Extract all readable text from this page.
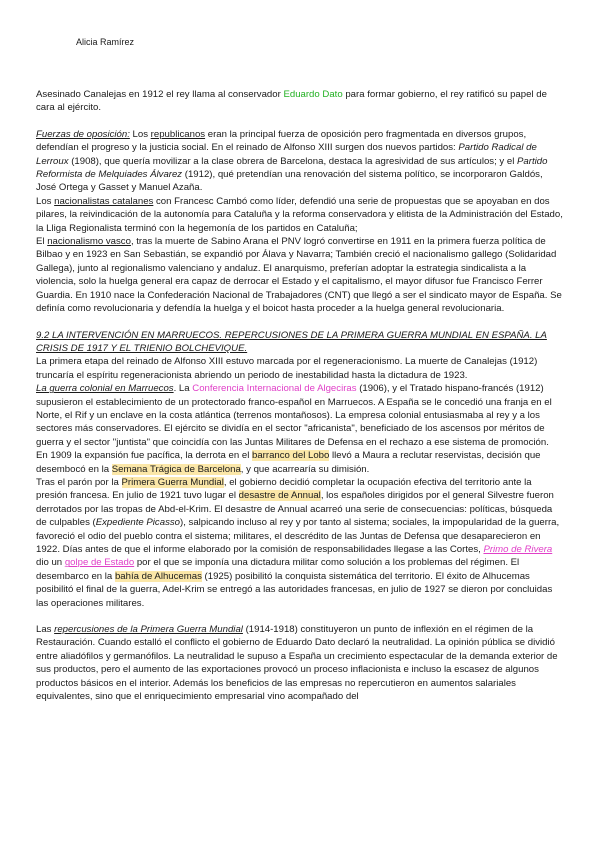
Alicia Ramírez

Asesinado Canalejas en 1912 el rey llama al conservador Eduardo Dato para formar gobierno, el rey ratificó su papel de cara al ejército.

Fuerzas de oposición: Los republicanos eran la principal fuerza de oposición pero fragmentada en diversos grupos, defendían el progreso y la justicia social. En el reinado de Alfonso XIII surgen dos nuevos partidos: Partido Radical de Lerroux (1908), que quería movilizar a la clase obrera de Barcelona, destaca la agresividad de sus artículos; y el Partido Reformista de Melquiades Álvarez (1912), qué pretendían una renovación del sistema político, se incorporaron Galdós, José Ortega y Gasset y Manuel Azaña.

Los nacionalistas catalanes con Francesc Cambó como líder, defendió una serie de propuestas que se apoyaban en dos pilares, la reivindicación de la autonomía para Cataluña y la reforma conservadora y elitista de la Administración del Estado, la Lliga Regionalista terminó con la hegemonía de los partidos en Cataluña;

El nacionalismo vasco, tras la muerte de Sabino Arana el PNV logró convertirse en 1911 en la primera fuerza política de Bilbao y en 1923 en San Sebastián, se expandió por Álava y Navarra; También creció el nacionalismo gallego (Solidaridad Gallega), junto al regionalismo valenciano y andaluz. El anarquismo, preferían adoptar la estrategia sindicalista a la violencia, solo la huelga general era capaz de derrocar el Estado y el capitalismo, el mayor difusor fue Francisco Ferrer Guardia. En 1910 nace la Confederación Nacional de Trabajadores (CNT) que llegó a ser el sindicato mayor de España. Se definía como revolucionaria y defendía la huelga y el boicot hasta proceder a la huelga general revolucionaria.

9.2 LA INTERVENCIÓN EN MARRUECOS. REPERCUSIONES DE LA PRIMERA GUERRA MUNDIAL EN ESPAÑA. LA CRISIS DE 1917 Y EL TRIENIO BOLCHEVIQUE.

La primera etapa del reinado de Alfonso XIII estuvo marcada por el regeneracionismo. La muerte de Canalejas (1912) truncaría el espíritu regeneracionista abriendo un periodo de inestabilidad hasta la dictadura de 1923.

La guerra colonial en Marruecos. La Conferencia Internacional de Algeciras (1906), y el Tratado hispano-francés (1912) supusieron el establecimiento de un protectorado franco-español en Marruecos. A España se le concedió una franja en el Norte, el Rif y un enclave en la costa atlántica (terrenos montañosos). La empresa colonial entusiasmaba al rey y a los sectores más conservadores. El ejército se dividía en el sector "africanista", beneficiado de los ascensos por méritos de guerra y el sector "juntista" que coincidía con las Juntas Militares de Defensa en el rechazo a ese sistema de promoción.

En 1909 la expansión fue pacífica, la derrota en el barranco del Lobo llevó a Maura a reclutar reservistas, decisión que desembocó en la Semana Trágica de Barcelona, y que acarrearía su dimisión.

Tras el parón por la Primera Guerra Mundial, el gobierno decidió completar la ocupación efectiva del territorio ante la presión francesa. En julio de 1921 tuvo lugar el desastre de Annual, los españoles dirigidos por el general Silvestre fueron derrotados por las tropas de Abd-el-Krim. El desastre de Annual acarreó una serie de consecuencias: políticas, búsqueda de culpables (Expediente Picasso), salpicando incluso al rey y por tanto al sistema; sociales, la impopularidad de la guerra, favoreció el odio del pueblo contra el sistema; militares, el descrédito de las Juntas de Defensa que desaparecieron en 1922. Días antes de que el informe elaborado por la comisión de responsabilidades llegase a las Cortes, Primo de Rivera dio un golpe de Estado por el que se imponía una dictadura militar como solución a los problemas del régimen. El desembarco en la bahía de Alhucemas (1925) posibilitó la conquista sistemática del territorio. El éxito de Alhucemas posibilitó el final de la guerra, Adel-Krim se entregó a las autoridades francesas, en julio de 1927 se dieron por concluidas las operaciones militares.

Las repercusiones de la Primera Guerra Mundial (1914-1918) constituyeron un punto de inflexión en el régimen de la Restauración. Cuando estalló el conflicto el gobierno de Eduardo Dato declaró la neutralidad. La opinión pública se dividió entre aliadófilos y germanófilos. La neutralidad le supuso a España un crecimiento espectacular de la demanda exterior de sus productos, pero el aumento de las exportaciones provocó un proceso inflacionista e incluso la escasez de algunos productos básicos en el interior. Además los beneficios de las empresas no repercutieron en aumentos salariales equivalentes, sino que el enriquecimiento empresarial vino acompañado del
